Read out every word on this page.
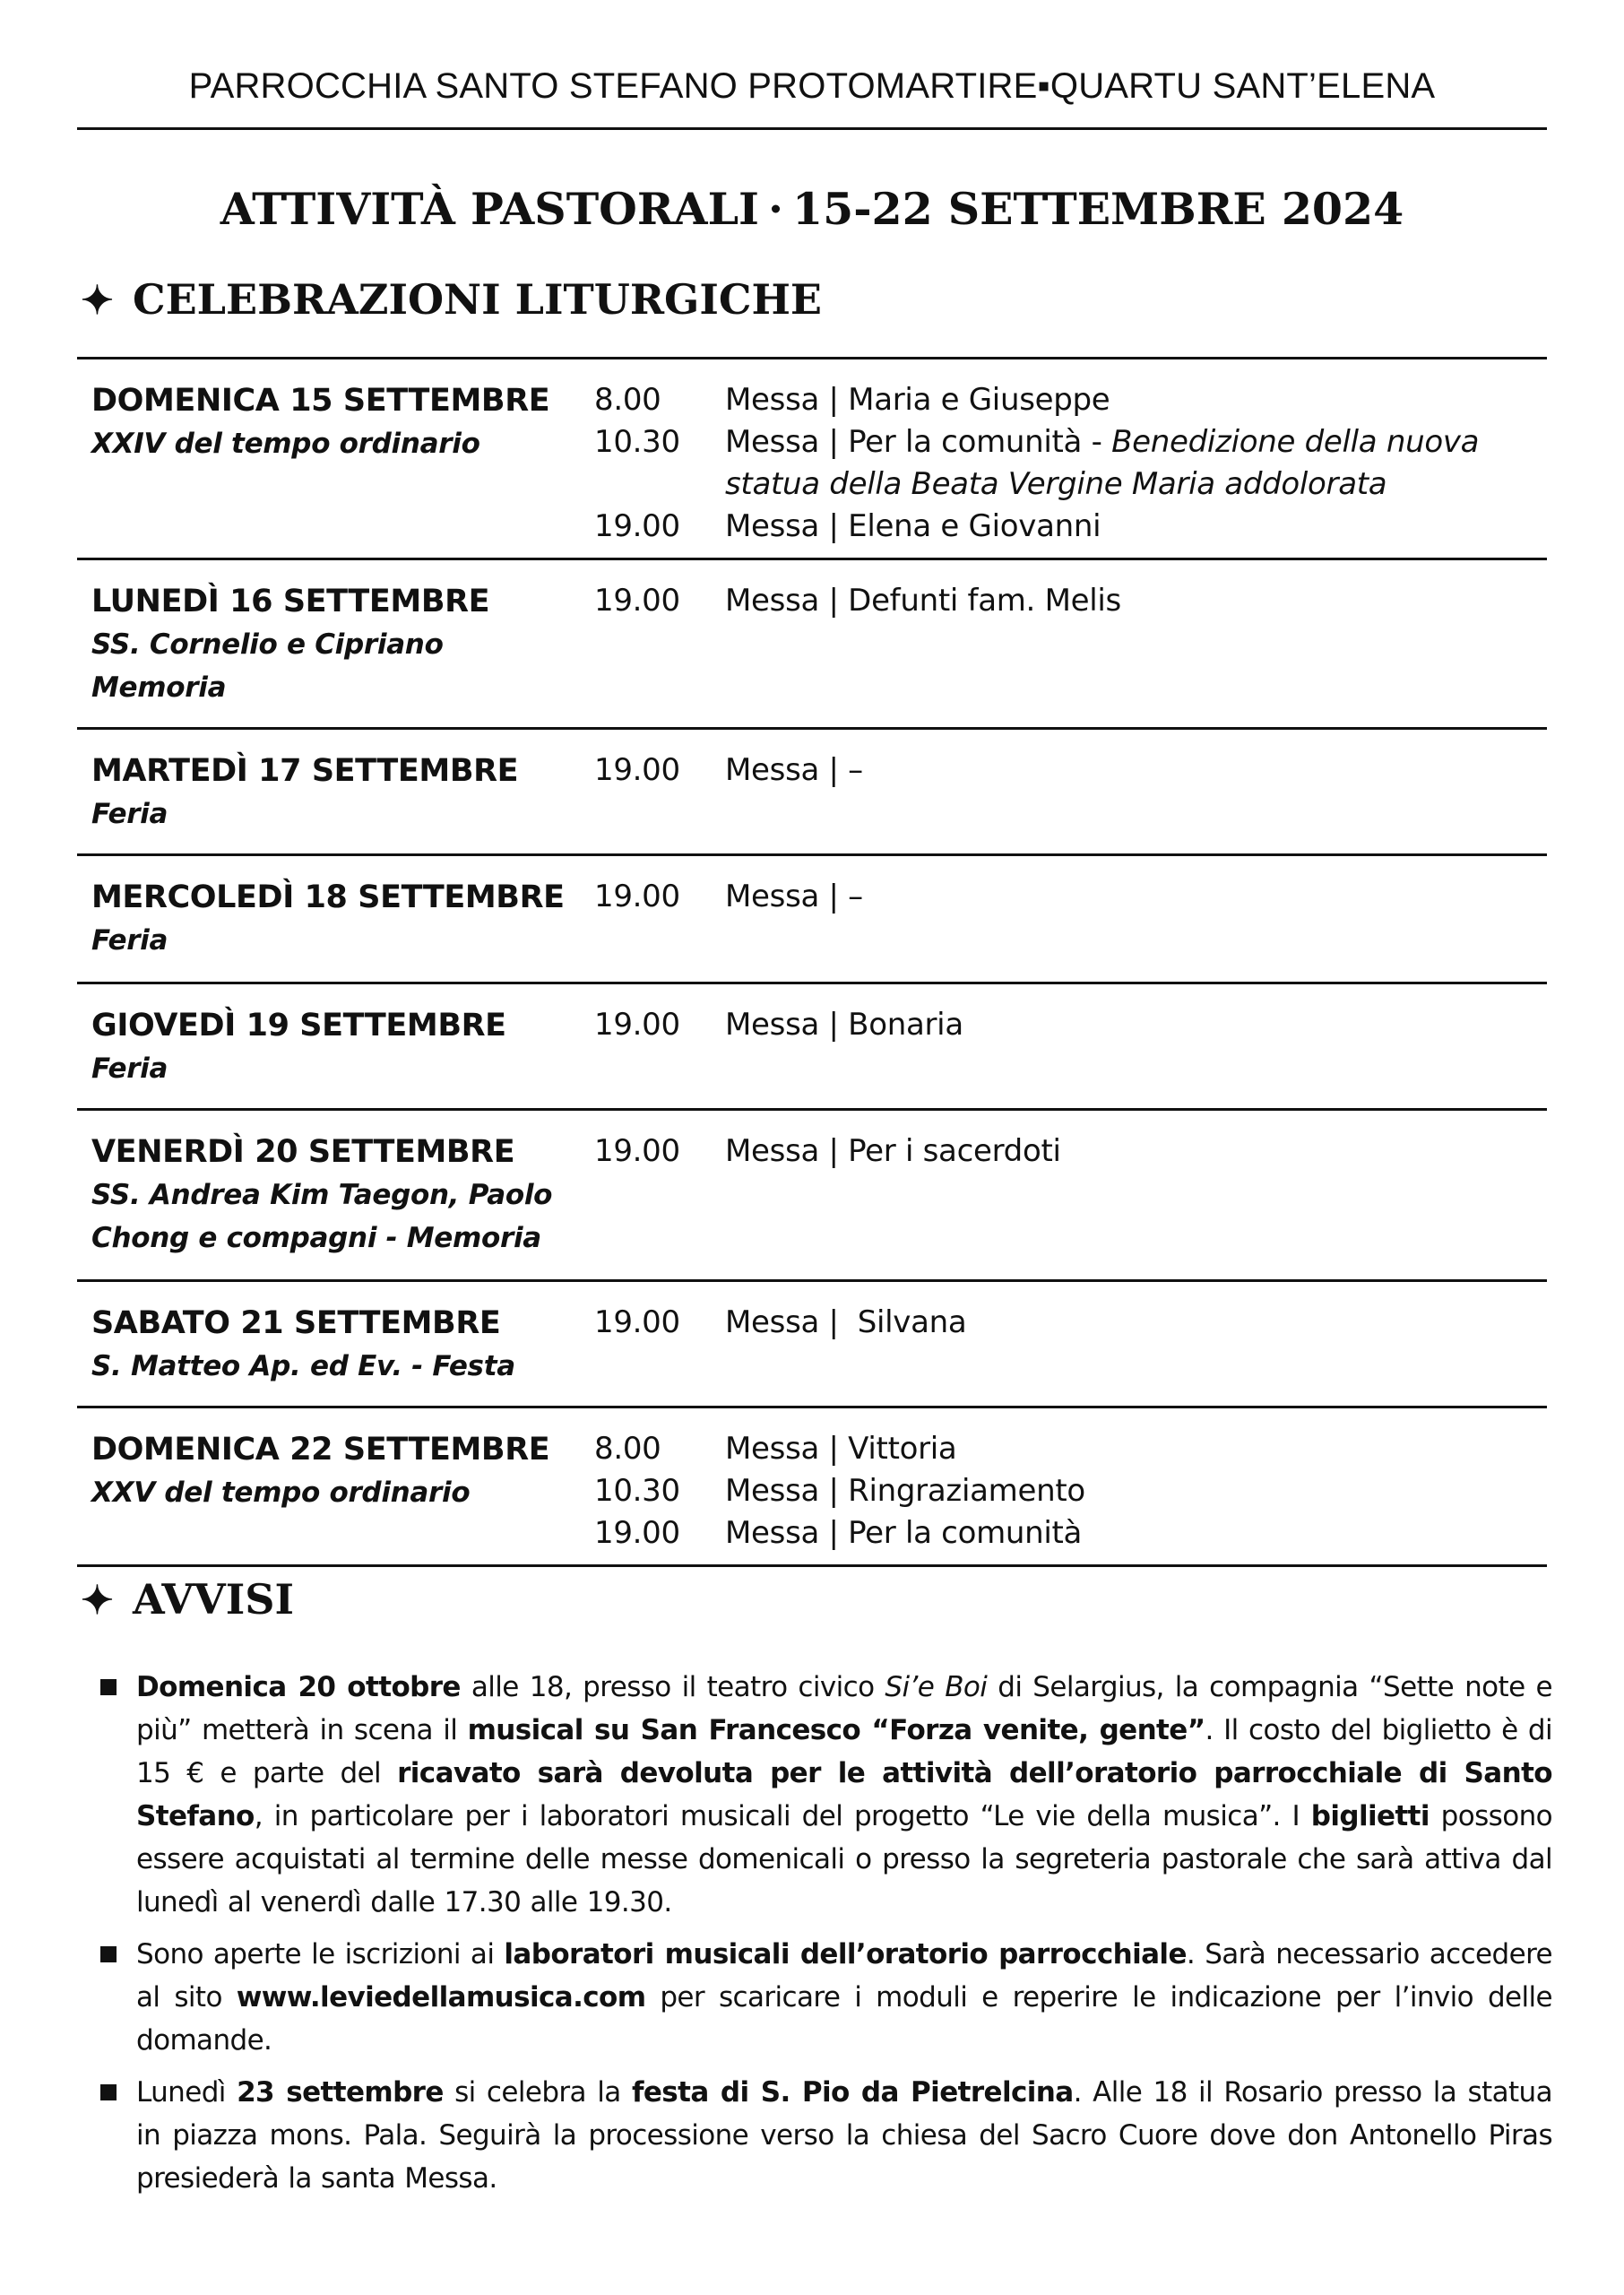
PARROCCHIA SANTO STEFANO PROTOMARTIRE▪QUARTU SANT’ELENA
ATTIVITÀ PASTORALI · 15-22 SETTEMBRE 2024
✦ CELEBRAZIONI LITURGICHE
DOMENICA 15 SETTEMBRE
XXIV del tempo ordinario
8.00	Messa | Maria e Giuseppe
10.30	Messa | Per la comunità - Benedizione della nuova statua della Beata Vergine Maria addolorata
19.00	Messa | Elena e Giovanni
LUNEDÌ 16 SETTEMBRE
SS. Cornelio e Cipriano Memoria
19.00	Messa | Defunti fam. Melis
MARTEDÌ 17 SETTEMBRE
Feria
19.00	Messa | –
MERCOLEDÌ 18 SETTEMBRE
Feria
19.00	Messa | –
GIOVEDÌ 19 SETTEMBRE
Feria
19.00	Messa | Bonaria
VENERDÌ 20 SETTEMBRE
SS. Andrea Kim Taegon, Paolo Chong e compagni - Memoria
19.00	Messa | Per i sacerdoti
SABATO 21 SETTEMBRE
S. Matteo Ap. ed Ev. - Festa
19.00	Messa |  Silvana
DOMENICA 22 SETTEMBRE
XXV del tempo ordinario
8.00	Messa | Vittoria
10.30	Messa | Ringraziamento
19.00	Messa | Per la comunità
✦ AVVISI
Domenica 20 ottobre alle 18, presso il teatro civico Si’e Boi di Selargius, la compagnia “Sette note e più” metterà in scena il musical su San Francesco “Forza venite, gente”. Il costo del biglietto è di 15 € e parte del ricavato sarà devoluta per le attività dell’oratorio parrocchiale di Santo Stefano, in particolare per i laboratori musicali del progetto “Le vie della musica”. I biglietti possono essere acquistati al termine delle messe domenicali o presso la segreteria pastorale che sarà attiva dal lunedì al venerdì dalle 17.30 alle 19.30.
Sono aperte le iscrizioni ai laboratori musicali dell’oratorio parrocchiale. Sarà necessario accedere al sito www.leviedellamusica.com per scaricare i moduli e reperire le indicazione per l’invio delle domande.
Lunedì 23 settembre si celebra la festa di S. Pio da Pietrelcina. Alle 18 il Rosario presso la statua in piazza mons. Pala. Seguirà la processione verso la chiesa del Sacro Cuore dove don Antonello Piras presiederà la santa Messa.
